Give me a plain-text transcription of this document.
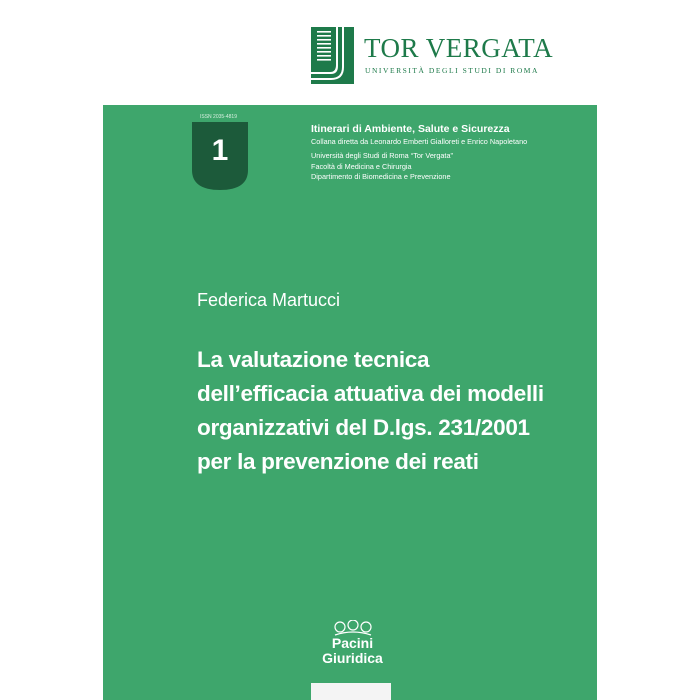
TOR VERGATA

UNIVERSITÀ DEGLI STUDI DI ROMA

ISSN 2035-4819
1
Itinerari di Ambiente, Salute e Sicurezza
Collana diretta da Leonardo Emberti Gialloreti e Enrico Napoletano
Università degli Studi di Roma “Tor Vergata”
Facoltà di Medicina e Chirurgia
Dipartimento di Biomedicina e Prevenzione
Federica Martucci
La valutazione tecnica
dell’efficacia attuativa dei modelli
organizzativi del D.lgs. 231/2001
per la prevenzione dei reati
Pacini
Giuridica
